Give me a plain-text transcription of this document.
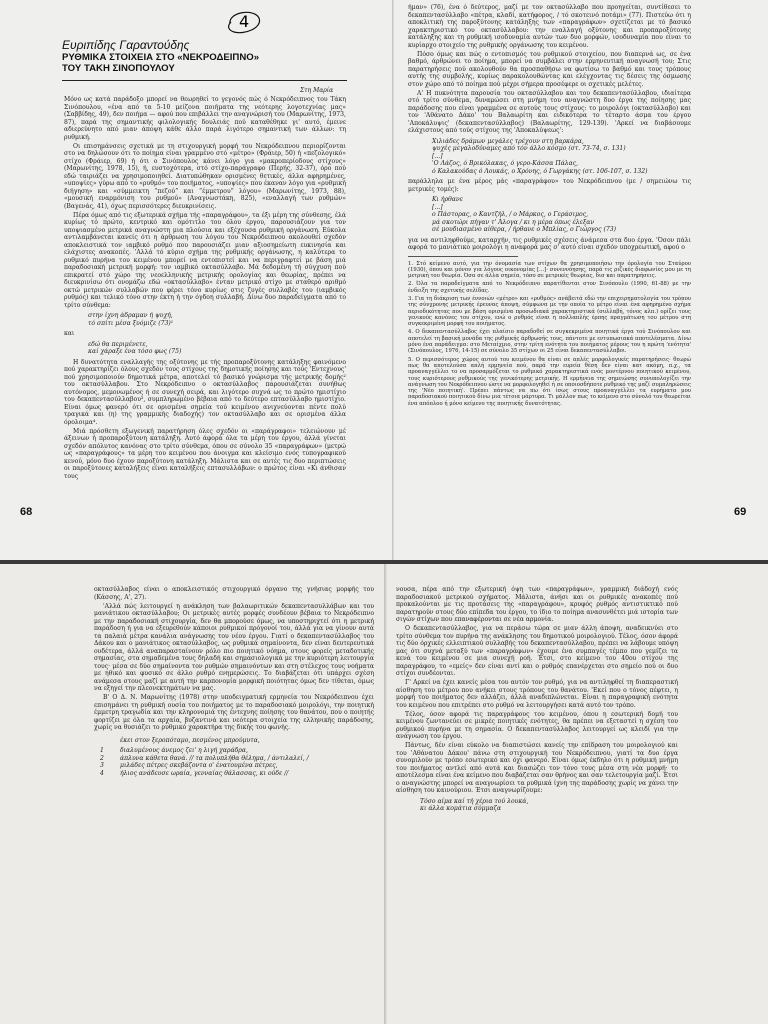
4
Ευριπίδης Γαραντούδης
ΡΥΘΜΙΚΑ ΣΤΟΙΧΕΙΑ ΣΤΟ «ΝΕΚΡΟΔΕΙΠΝΟ»
ΤΟΥ ΤΑΚΗ ΣΙΝΟΠΟΥΛΟΥ
Στη Μαρία

Μόνο ως κατά παράδοξο μπορεί να θεωρηθεί το γεγονός πώς ό Νεκρόδειπνος του Τάκη Σινόπουλου, «ένα από τα 5-10 μείζονα ποιήματα της νεότερης λογοτεχνίας μας» (Σαββίδης, 49), δεν ποιήμα — αφού που επιβάλλει την αναγνώρισή του (Μαρωνίτης, 1973, 87), παρά της σημαντικής φιλολογικής δουλειάς πού καταθέθηκε γι' αυτό, έμεινε αδιερεύνητο από μιαν άποψη κάθε άλλο παρά λιγότερο σημαντική των άλλων: τη ρυθμική.

Οι επισημάνσεις σχετικά με τη στιχουργική μορφή του Νεκρόδειπνου περιορίζονται στο να δηλώσουν ότι το ποίημα είναι γραμμένο στό «μέτρο» (Φράιερ, 50) ή «πεζολογικό» στίχο (Φράιερ, 69) ή ότι ο Σινόπουλος κάνει λόγο για «μακροπερίοδους στίχους» (Μαρωνίτης, 1978, 15), ή, ευστοχότερα, στό στίχο-παράγραφο (Περής, 32-37), όρο πού εδώ ταιριάζει να χρησιμοποιηθεί. Διατυπώθηκαν ορισμένες θετικές, άλλα αφηρημένες, «υποψίες» γύρω από το «ρυθμό» του ποιήματος, «υποψίες» που έκαναν λόγο για «ρυθμική διήγηση» και «σύμμεικτη “πεζού” και “έμμετρου” λόγου» (Μαρωνίτης, 1973, 88), «μουσική εναρμόνιση του ρυθμού» (Αναγνωστάκη, 825), «εναλλαγή των ρυθμών» (Βαγενάς, 41), όχως περισσότερες διευκρινίσεις.

Πέρα όμως από τις εξωτερικά σχήμα τής «παραγράφου», τα έξι μέρη της σύνθεσης, έλά κυρίως τό πρώτο, κεντρικό και ομότιτλο του όλου έργου, παρουσιάζουν για τον υποψιασμένο μετρικά αναγνώστη μια πλούσια και εξέχουσα ρυθμική οργάνωση. Εύκολα αντιλαμβάνεται κανείς ότι η άρθρωση του λόγου του Νεκρόδειπνου ακολουθεί σχεδόν αποκλειστικά τον ιαμβικό ρυθμό που παρουσιάζει μιαν αξιοσημείωτη ευκινησία και ελάχιστες ανακοπές. 'Αλλά τό κύριο σχήμα της ρυθμικής οργάνωσης, η καλύτερα το ρυθμικό πυρήνα του κειμένου μπορεί να εντοπιστεί και να περιγραφτεί με βάση μιά παραδοσιακή μετρική μορφή: τον ιαμβικό οκτασύλλαβο. Μά δεδομένη τή σύγχυση πού επικρατεί στό χώρο της νεοελληνικής μετρικής ορολογίας και θεωρίας, πρέπει να διευκρινίσω ότι ονομάζω εδώ «οκτασύλλαβο» ένταν μετρικό στίχο με σταθερό αριθμό οκτώ μετρικών συλλαβών που φέρει τόνο κυρίως στις ζυγές συλλαβές του (ιαμβικός ρυθμός) και τελικό τόνο στην έκτη ή την όγδοη συλλαβή. Δίνω δυο παραδείγματα από το τρίτο σύνθεμα:

στην ίχνη άδραμαν ή ψυχή,
τό σπίτι μέσα ξυόμιζε (73)¹

και

εδώ θα περιμένετε,
καί χάραξε ένα τόσο φως (75)

Η δυνατότητα εναλλαγής της οξύτονης με τής προπαροξύτονης κατάληξης φαινόμενο πού χαρακτηρίζει όλους σχεδόν τους στίχους της δημοτικής ποίησης και τούς 'Εντεχνους' πού χρησιμοποιούν δημοτικά μέτρα, αποτελεί τό βασικό γνώρισμα τής μετρικής δομής² του οκτασύλλαβου. Στο Νεκρόδειπνο ο οκτασύλλαβος παρουσιάζεται συνήθως αυτόνομος, μεμονωμένος ή σε συνεχή σειρά, και λιγότερο συχνά ως το πρώτο ημιστίχιο του δεκαπεντασύλλαβου³, συμπληρωμένο βέβαια από το δεύτερο επτασύλλαβο ημιστίχιο. Είναι όμως φανερό ότι σε ορισμένα σημεία τού κειμένου ανιχνεύονται πέντε πολύ τραγικά και (η) της γραμμικής διαδοχής) τον οκτασύλλαβο και σε ορισμένα άλλα όρολοιμα⁴.

Μιά πρόσθετη εξωγενική παρατήρηση όλες σχεδόν οι «παράγραφοι» τελειώνουν μέ άξεινων ή προπαροξύτονη κατάληξη. Αυτό άφορά όλα τα μέρη του έργου, άλλά γίνεται σχεδόν απόλυτος κανόνας στο τρίτο σύνθεμα, όπου σε σύνολο 35 «παραγράφων» (μετρώ ως «παραγράφους» τα μέρη του κειμένου που άνοιγμα και κλείσιμο ενός τυπογραφικού κενού, μόνο δυο έχουν παροξύτονη κατάληξη. Μάλιστα και σε αυτές τις δυο περιπτώσεις οι παροξύτονες καταλήξεις είναι καταλήξεις επτασυλλάβων: ο πρώτος είναι «Κι άνθισαν τους

68

ήμαν» (76), ένα ό δεύτερος, μαζί με τον οκτασύλλαβο που προηγείται, συντίθεσει το δεκαπεντασύλλαβο «πέτρα, κλαδί, κατήφορος, / τό σκοτεινό ποτάμι» (77). Πιστεύω ότι η αποκλιτική της παροξύτονης κατάληξης των «παραγράφων» σχετίζεται με τό βασικό χαρακτηριστικό του οκτασύλλαβου: την εναλλαγή οξύτονης και προπαροξύτονης κατάληξης και τη ρυθμική ισοδυναμία αυτών των δυο μορφών, ισοδυναμία που είναι το κυρίαρχο στοιχείο της ρυθμικής οργάνωσης του κειμένου.

Πόσο όμως και πώς ο εντοπισμός του ρυθμικού στοιχείου, που διαπερνά ως, σε ένα βαθμό, άρθρώνει το ποίημα, μπορεί να συμβάλει στην ερμηνευτική αναγνωσή του; Στις παρατηρήσεις πού ακολουθούν θα προσπαθήσω να φωτίσω το βαθμό και τους τρόπους αυτής της συμβολής, κυρίως παρακολουθώντας και ελέγχοντας τις δέσεις της όσμωσης στον χώρο από τό ποίημα πού μέχρι σήμερα προσέφερε οι σχετικές μελέτες.

Α' Η πυκνότητα παρουσία του οκτασύλλαβου και του δεκαπεντασύλλαβου, ιδιαίτερα στό τρίτο σύνθεμα, δυναμώσει στη μνήμη του αναγνώστη δυο έργα της ποίησης μας παράδοσης που είναι γραμμένα σε αυτούς τους στίχους: το μοιρολόγι (οκτασύλλαβο) και τον 'Αθάνατο Δάκο' του Βαλαωρίτη και ειδικότερα το τέταρτο άσμα του έργου 'Αποκάλυψις' (δεκαπεντασύλλαβος) (Βαλαωρίτης, 129-139). 'Αρκεί να διαβάσουμε ελάχιστους από τούς στίχους της 'Αποκαλύψεως':

Χιλιάδες δράμων μεγάλες τρέχουν στη βαρκάρα,
ψυχές μεγαλοδύναμες από τόν άλλο κόσμο (στ. 73-74, σ. 131)
[...]
'Ο Λάζος, ό Βρικόλακας, ό γερο-Κάσσα Πάλας,
ό Καλακούδας ό Λουκάς, ο Χρόνης, ό Γωργάκης (στ. 106-107, σ. 132)

παράλληλα με ένα μέρος μάς «παραγράφου» του Νεκρόδειπνου (με / σημειώνω τις μετρικές τομές):

Κι ήρθανε
[...]
ο Πάστορας, ο Καντζήλ, / ο Μάρκος, ο Γεράσιμος,
μά σκοτώρι πήγαν τ' Άλογα / κι η μέρα όπως έλεξαν
σέ μουδιασμένο αίθερα, / ήρθανε ο Μπλίας, ο Γιώργος (73)

για να αντιληφθούμε, καταρχήν, τις ρυθμικές σχέσεις άνάμεσα στα δυο έργα. 'Όσον πάλι αφορά το μανιάτικο μοιρολόγι η αναφορά μας σ' αυτό είναι σχεδόν υποχρεωτική, αφού ο

1. Στό κείμενο αυτό, για την όνομασία των στίχων θα χρησιμοποιήσω την όρολογία του Σταύρου (1930), όπου και μόνον για λόγους οικονομίας [...]· συνεννόησης, παρά τις ριζικές διαφωνίες μου με τη μετρική του θεωρία. Όσα σε άλλα σημεία, τόσο σε μετρικές θεωρίας, δισ και παρατηρήσεις.

2. Όλα τα παραδείγματα από το Νεκρόδειπνο παρατίθενται στον Σινόπουλο (1990, 61-88) με την ένδειξη της σχετικής σελίδας.

3. Για τη διάκριση των έννοιών «μέτρο» και «ρυθμός» ανάβειτά εδώ την επιχειρηματολογία του τρόπου της σύνχρονης μετρικής έρευνας άποψη, σύμφωνα με την οποία το μέτρο είναι ένα αφηρημένο σχήμα περιοδικότητας που με βάση ορισμένα προσωδιακά χαρακτηριστικά (συλλαβή, τόνος κλπ.) ορίζει τους γενικούς κανόνες του στίχου, ενώ ο ρυθμός είναι η πολλαπλής έρπης πραγμάτωση του μέτρου στη συγκεκριμένη μορφή του ποιήματος.

4. Ο δεκαπεντασύλλαβος έχει πλαίσιο παραδοθεί σε συγκεκριμένα ποιητικά έργα τού Σινόπουλου και αποτελεί τη βασική μονάδα της ρυθμικής άρθρωσής τους, πάντοτε με εντυπωσιακά αποτελέσματα. Δίνω μόνο ένα παράδειγμα: στο Μεταίχμιο, στην τρίτη ενότητα του ποιήματος μέρους του η πρώτη 'ενότητα' (Σινόπουλος, 1976, 14-15) σε σύνολο 35 στίχων οι 25 είναι δεκαπεντασύλλαβοι.

5. Ο περισσότερος χώρος αυτού του κειμένου θα είναι σε απλές μορφολογικές παρατηρήσεις· θεωρώ πως θα αποτελούσα απλή ερμηνεία πού, παρά την ευρεία θέση δεν είναι κατ ακόμη, π.χ., τα προαναγγέλλει το να προσαρμόζεται το ρυθμικό χαρακτηριστικά ενός μοντέρνου ποιητικού κειμένου, τους κυριότερους ρυθμικούς της γενικότερης μετρικής. Η ερμήνεια της σημειώσης συνυπολογίζει την ανάγνωση του Νεκρόδειπνου ώστε να μορφολογηθεί ή σε οποιοσδήποτε ρυθμικό της μαζί συμπληρώσεις της 'Νέο ποιητική'. Πρέπει πάντως να πω ότι ίσως στους προαναγγέλλει τα ευρήματα μου παραδοσιακού ποιητικού δίνω μια τέτοια μάρτυρα. Τι μάλλον πως το κείμενο στο σύνολό του θεωρείται ένα απόπλοο ή μόνο κείμενο της ποιητικής δυνατότητας.

69

οκτασύλλαβος είναι ο αποκλειστικός στιχουργικό όργανο της γνήσιας μορφής του (Κάσσης, Α', 27).

'Αλλά πώς λειτουργεί η ανάκληση των βαλαωριτικών δεκαπεντασυλλάβων και του μανιάτικου οκτασύλλαβου; Οι μετρικές αυτές μορφές συνδέουν βέβαια το Νεκρόδειπνο με την παραδοσιακή στιχουργία, δεν θα μπορούσε όμως, να υποστηριχτεί ότι η μετρική παράδοση ή για να εξευρεθούν κάποιοι ρυθμικοί πρόγονοί του, άλλά για να γίνουν αυτά τα παλαιά μέτρα κανάλια ανάγνωσης του νέου έργου. Γιατί ο δεκαπεντασύλλαβος του Δάκου και ο μανιάτικος οκτασύλλαβος, ως ρυθμικά σημαίνοντα, δεν είναι δευτερευτικά ουδέτερα, άλλά αναπαρασταίνουν ρόλο πιο ποιητικό νόημα, στους φορείς μεταδοτικής σημασίας, στα σημαδεμένα τους δηλαδή και σημασιολογικά με την κυριότερη λειτουργία τους· μέσα σε δύο σημαίνοντα τον ρυθμών σημαινόντων και στη στέλεχος τους νοήματα με ηθικό και φυσικό σε άλλο ρυθμό ενημερώσεις. Το διαβάζεται ότι υπάρχει σχέση ανάμεσα στους μαζί με αυτή την καρπονομία μορφική ποιότητας όμως δεν τίθεται, όμως να εξηγεί την πλεονεκτημάτων να μας.

Β' Ο Δ. Ν. Μαρωνίτης (1978) στην υποδειγματική ερμηνεία του Νεκρόδειπνου έχει επισημάνει τη ρυθμική ουσία του ποιήματος με το παραδοσιακό μοιρολόγι, την ποιητική έμμετρη τραγωδία και την κληρονομιά της έντεχνης ποίησης του θανάτου, που ο ποιητής φορτίζει με όλα τα αρχαία, βυζαντινά και νεότερα στοιχεία της ελληνικής παράδοσης, χωρίς να θυσιάζει το ρυθμικό χαρακτήρα της δικής του φωνής.

έκει στον ξεροπόταμο, πεσμένος μπρούμυτα,
1	διαλυμένους άνεμος ζει' η λιγή χαράδρα,
2	άπλυνα κάθετα θανά. // τα πολυπλήθα θέλημα, / άντιλαλεί, /
3	μιλάδες πέτρες σκεβάζοντα ο' ένατουμένα πέτρες,
4	ήλιος ανάδευσε ωραία, γενναίας θάλασσας, κι ούδε //

νουσα, πέρα από την εξωτερική όψη των «παραγράφων», γραμμική διάδοχή ενός παραδοσιακού μετρικού σχήματος. Μάλιστα, άνήσι και οι ρυθμικές ανακοπές πού προκαλούνται με τις προτάσεις της «παραγράφου», κρυφός ρυθμός αντιστικτικό πού παρατηρούν στους δύο επίπεδα του έργου, το ίδιο το ποίημα ανασυνθέτει μιά ιστορία των σιγών στίχων που επαναφέρονται σε νέα αρμονία.

Ο δεκαπεντασύλλαβος, για να περάσω τώρα σε μιαν άλλη άποψη, αναδεικνύει στο τρίτο σύνθεμα τον πυρήνα της ανάκλησης του δημοτικού μοιρολογιού. Τέλος, όσον άφορά τις δύο όρχικές ελλειπτικού συλλαβής του δεκαπεντασύλλαβου, πρέπει να λάβουμε υπόψη μας ότι συχνά μεταξύ των «παραγράφων» έχουμε ένα συμπαγές τέμπο που γεμίζει τα κενά του κειμένου σε μια συνεχή ροή. Έτσι, στο κείμενο του 40ου στίχου της παραγράφου, το «εμείς» δεν είναι αντί και ο ρυθμός επανέρχεται στο σημείο πού οι δυο στίχοι συνδέονται.

Γ' Αρκεί να έχει κανείς μέσα του αυτόν τον ρυθμό, για να αντιληφθεί τη διαπεραστική αίσθηση του μέτρου που ανήκει στους τρόπους του θανάτου. 'Εκεί που ο τόνος πέφτει, η μορφή του ποιήματος δεν αλλάζει, άλλά αναδιπλώνεται. Είναι η παραγραφική ενότητα του κειμένου που επιτρέπει στο ρυθμό να λειτουργήσει κατά αυτό τον τρόπο.

Τέλος, όσον αφορά τις παραγράφους του κειμένου, όπου η εσωτερική δομή του κειμένου ζωντανεύει σε μικρές ποιητικές ενότητες, θα πρέπει να εξεταστεί η σχέση του ρυθμικού πυρήνα με τη σημασία. Ο δεκαπεντασύλλαβος λειτουργεί ως κλειδί για την ανάγνωση του έργου.

Πάντως, δέν είναι εύκολο να διαπιστώσει κανείς την επίδραση του μοιρολογιού και του 'Αθάνατου Δάκου' πάνω στη στιχουργική του Νεκρόδειπνου, γιατί τα δυο έργα συνομιλούν με τρόπο εσωτερικό και όχι φανερό. Είναι όμως έκδηλο ότι η ρυθμική μνήμη του ποιήματος αντλεί από αυτά και διασώζει τον τόνο τους μέσα στη νέα μορφή· το αποτέλεσμα είναι ένα κείμενο που διαβάζεται σαν θρήνος και σαν τελετουργία μαζί. Έτσι ο αναγνώστης μπορεί να αναγνωρίσει τα ρυθμικά ίχνη της παράδοσης χωρίς να χάνει την αίσθηση του καινούριου. Έτσι αναγνωρίζουμε:

Τόσο αίμα καί τή χέρια τού λουκά,
κι άλλα κομάτια σύμμαζα
